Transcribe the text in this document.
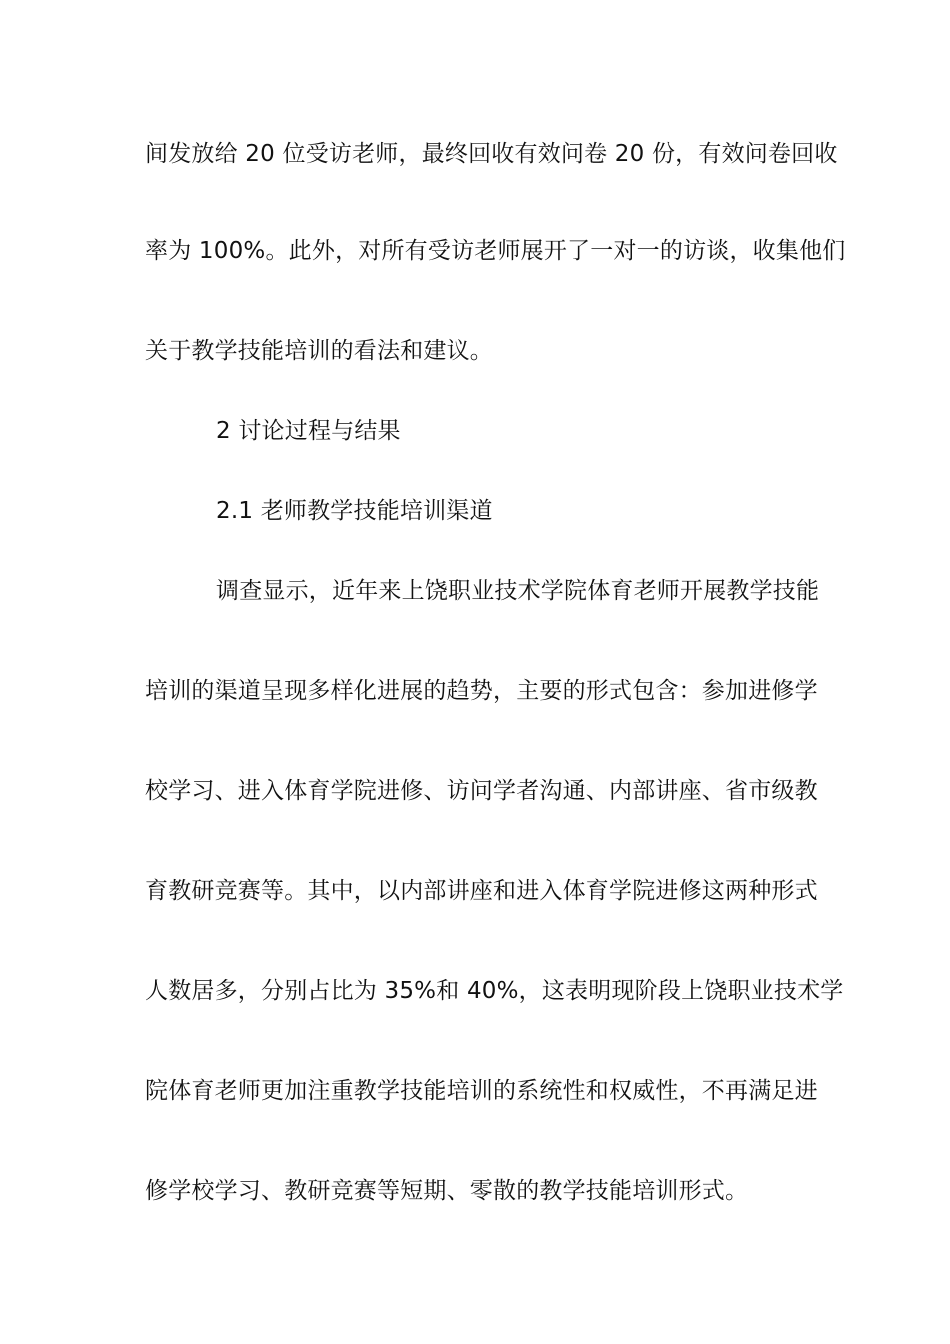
间发放给 20 位受访老师，最终回收有效问卷 20 份，有效问卷回收
率为 100%。此外，对所有受访老师展开了一对一的访谈，收集他们
关于教学技能培训的看法和建议。
2 讨论过程与结果
2.1 老师教学技能培训渠道
调查显示，近年来上饶职业技术学院体育老师开展教学技能
培训的渠道呈现多样化进展的趋势，主要的形式包含：参加进修学
校学习、进入体育学院进修、访问学者沟通、内部讲座、省市级教
育教研竞赛等。其中，以内部讲座和进入体育学院进修这两种形式
人数居多，分别占比为 35%和 40%，这表明现阶段上饶职业技术学
院体育老师更加注重教学技能培训的系统性和权威性，不再满足进
修学校学习、教研竞赛等短期、零散的教学技能培训形式。
